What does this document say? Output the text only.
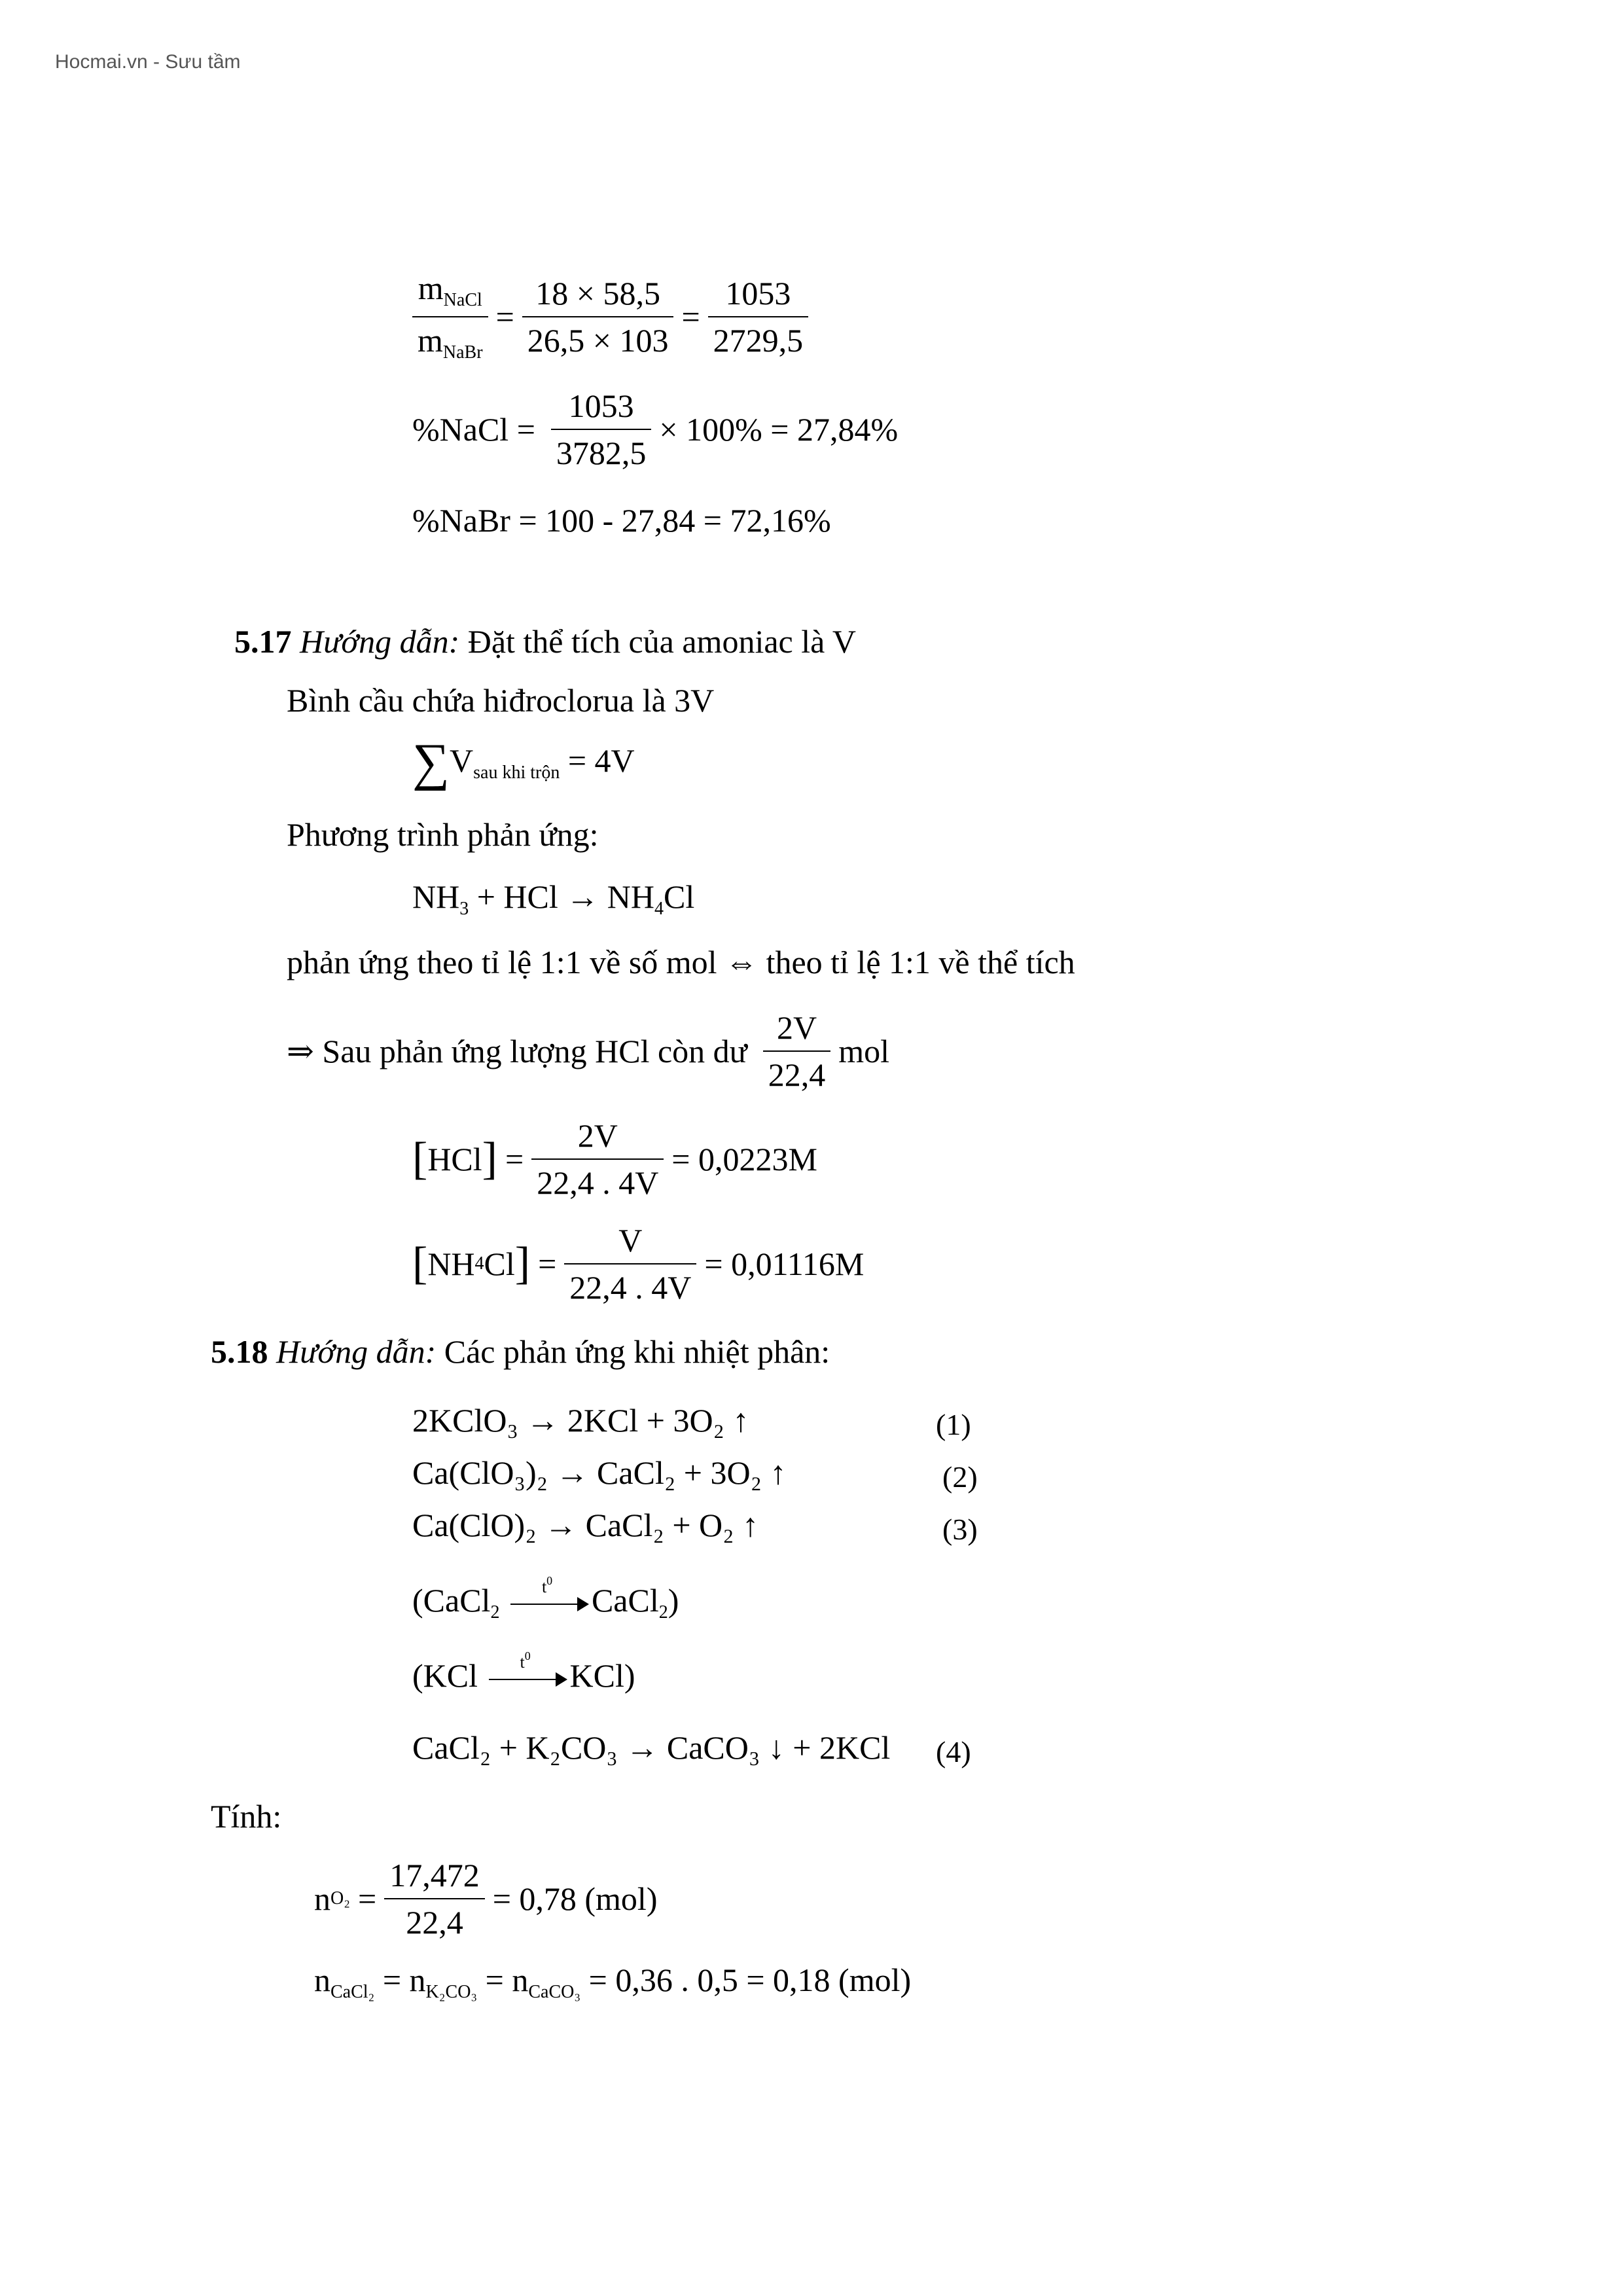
Hocmai.vn - Sưu tầm
$\frac{m_{NaCl}}{m_{NaBr}} = \frac{18 \times 58,5}{26,5 \times 103} = \frac{1053}{2729,5}$
%NaCl = $\frac{1053}{3782,5} \times 100\% = 27,84\%$
%NaBr = 100 - 27,84 = 72,16%
5.17 Hướng dẫn: Đặt thể tích của amoniac là V
Bình cầu chứa hiđroclorua là 3V
$\sum V_{sau khi trộn} = 4V$
Phương trình phản ứng:
$NH_3$ + HCl → $NH_4Cl$
phản ứng theo tỉ lệ 1:1 về số mol ⇔ theo tỉ lệ 1:1 về thể tích
⇒ Sau phản ứng lượng HCl còn dư $\frac{2V}{22,4}$ mol
[ HCl ] = $\frac{2V}{22,4 . 4V} = 0,0223M$
[ NH 4 Cl ] = $\frac{V}{22,4 . 4V} = 0,01116M$
5.18 Hướng dẫn: Các phản ứng khi nhiệt phân:
2KClO₃ → 2KCl + 3O₂ ↑	(1)
Ca(ClO₃)₂ → CaCl₂ + 3O₂ ↑	(2)
Ca(ClO)₂ → CaCl₂ + O₂ ↑	(3)
(CaCl$_2$
$t^0$
CaCl$_2$)
(KCl $t^0$
KCl)
CaCl₂ + K₂CO₃ → CaCO₃ ↓ + 2KCl (4)
Tính:
n $O_2 = \frac{17,472}{22,4} = 0,78$ (mol)
$n_{CaCl_2} = n_{K_2CO_3} = n_{CaCO_3} = 0,36$ . 0,5 = 0,18 (mol)
